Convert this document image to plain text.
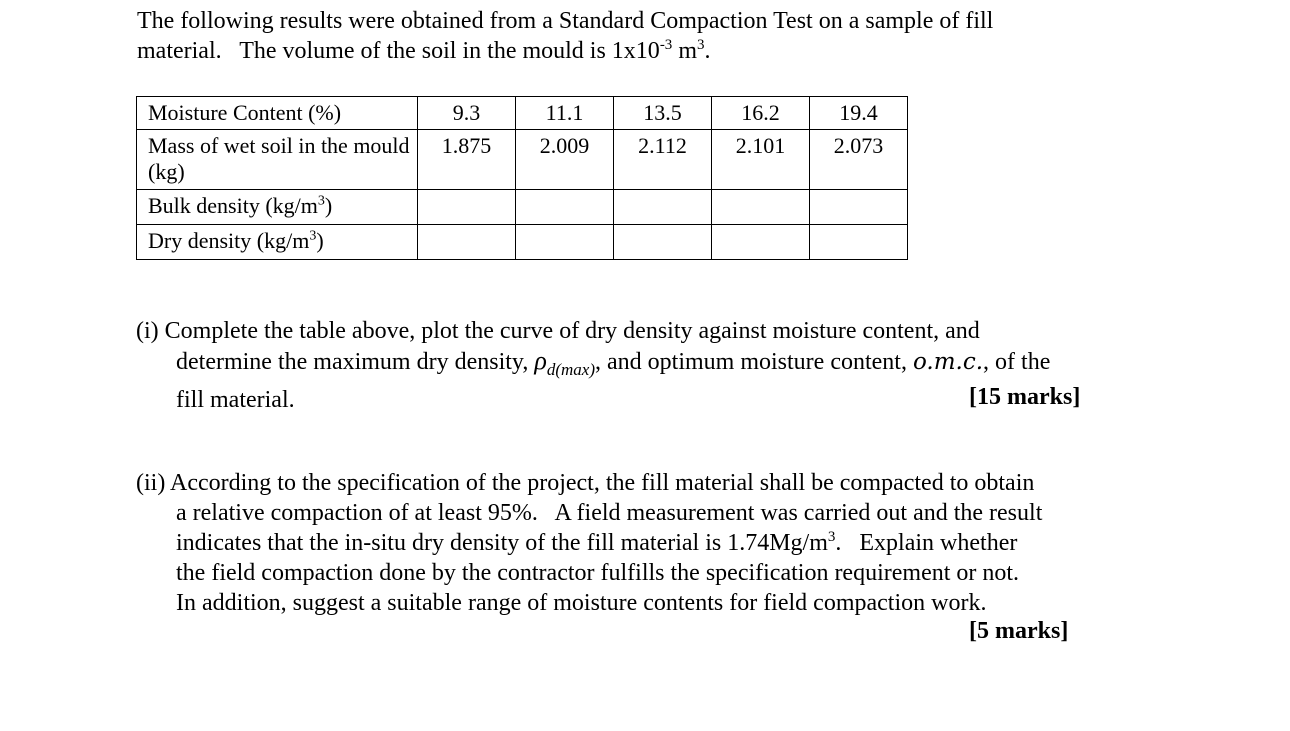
The following results were obtained from a Standard Compaction Test on a sample of fill
material.   The volume of the soil in the mould is $1x10^{-3}$ $m^3$.
Moisture Content (%)	9.3	11.1	13.5	16.2	19.4
Mass of wet soil in the mould (kg)	1.875	2.009	2.112	2.101	2.073
Bulk density $(kg/m^3)$					
Dry density $(kg/m^3)$					
(i) Complete the table above, plot the curve of dry density against moisture content, and
determine the maximum dry density, $\rho_{d(max)}$, and optimum moisture content, o.m.c., of the
fill material.	[15 marks]
(ii) According to the specification of the project, the fill material shall be compacted to obtain
a relative compaction of at least 95%.   A field measurement was carried out and the result
indicates that the in-situ dry density of the fill material is $1.74Mg/m^3$.   Explain whether
the field compaction done by the contractor fulfills the specification requirement or not.
In addition, suggest a suitable range of moisture contents for field compaction work.
[5 marks]
